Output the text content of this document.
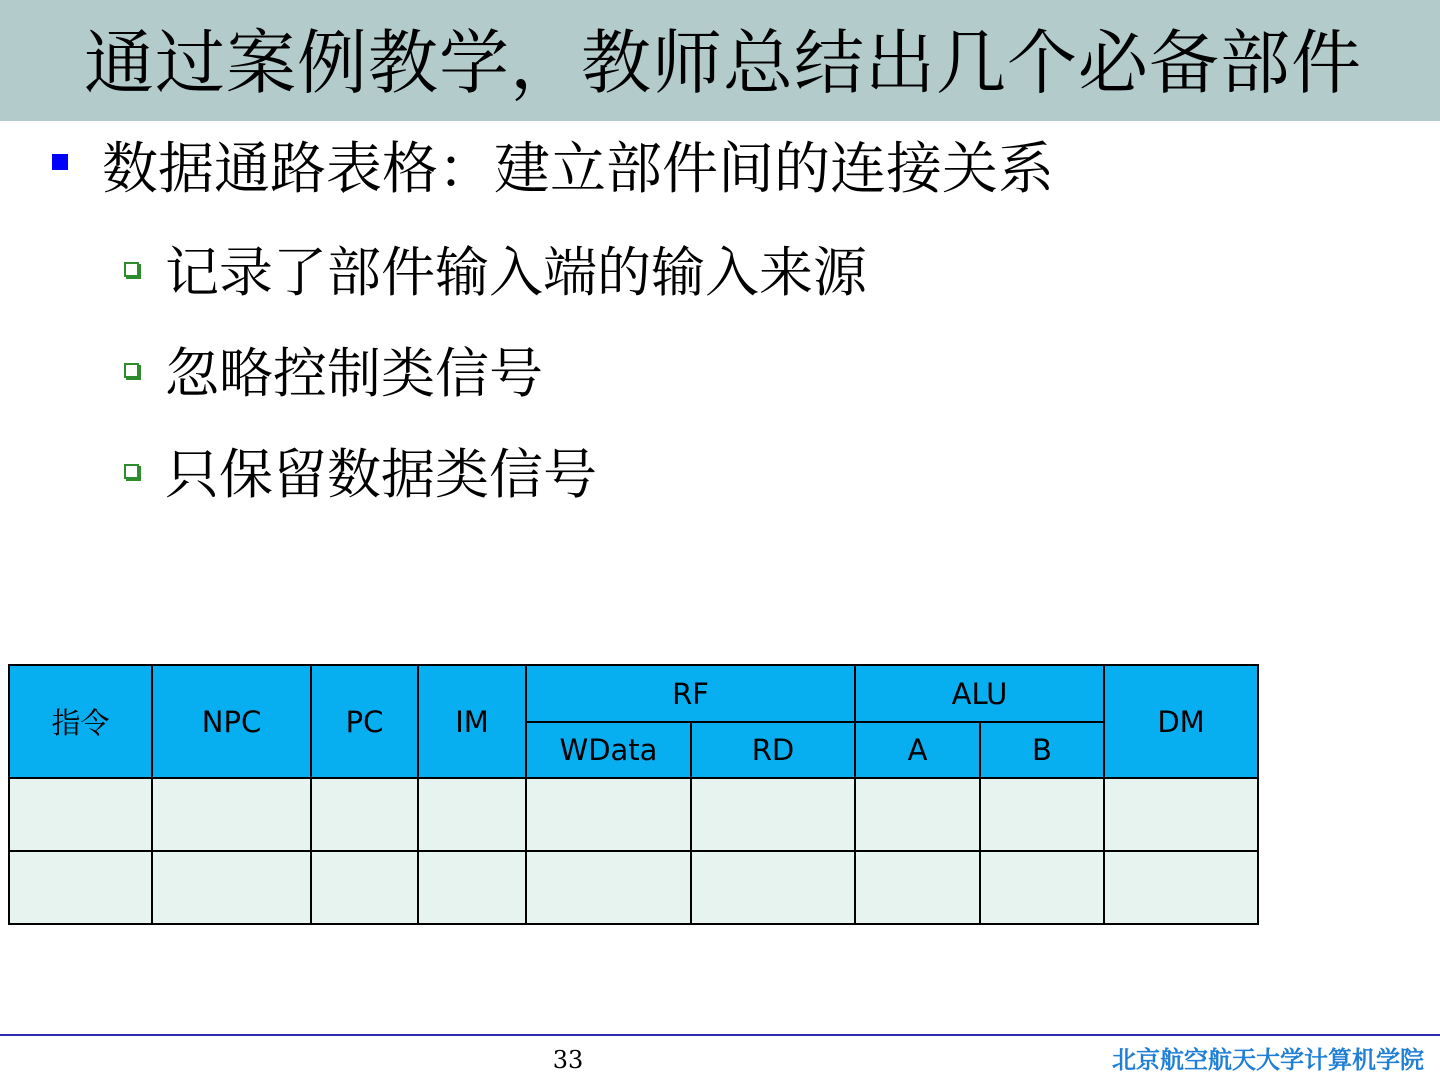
通过案例教学，教师总结出几个必备部件
数据通路表格：建立部件间的连接关系
记录了部件输入端的输入来源
忽略控制类信号
只保留数据类信号
指令	NPC	PC	IM	RF		ALU		DM
				WData	RD	A	B	

33	北京航空航天大学计算机学院
